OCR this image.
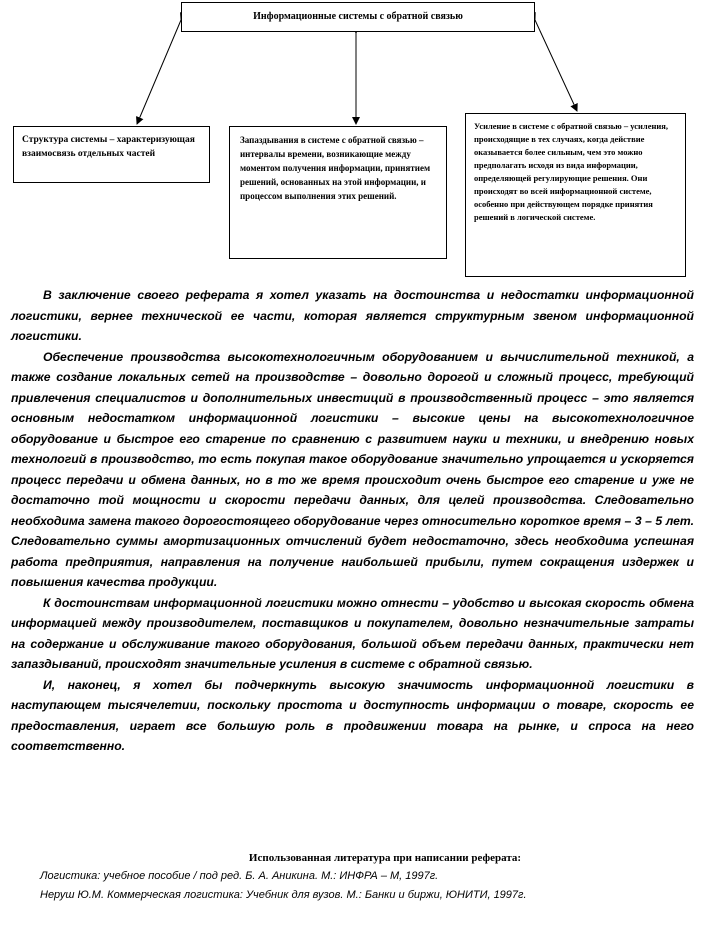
Информационные системы с обратной связью
Структура системы – характеризующая взаимосвязь отдельных частей
Запаздывания в системе с обратной связью – интервалы времени, возникающие между моментом получения информации, принятием решений, основанных на этой информации, и процессом выполнения этих решений.
Усиление в системе с обратной связью – усиления, происходящие в тех случаях, когда действие оказывается более сильным, чем это можно предполагать исходя из вида информации, определяющей регулирующие решения. Они происходят во всей информационной системе, особенно при действующем порядке принятия решений в логической системе.

В заключение своего реферата я хотел указать на достоинства и недостатки информационной логистики, вернее технической ее части, которая является структурным звеном информационной логистики.

Обеспечение производства высокотехнологичным оборудованием и вычислительной техникой, а также создание локальных сетей на производстве – довольно дорогой и сложный процесс, требующий привлечения специалистов и дополнительных инвестиций в производственный процесс – это является основным недостатком информационной логистики – высокие цены на высокотехнологичное оборудование и быстрое его старение по сравнению с развитием науки и техники, и внедрению новых технологий в производство, то есть покупая такое оборудование значительно упрощается и ускоряется процесс передачи и обмена данных, но в то же время происходит очень быстрое его старение и уже не достаточно той мощности и скорости передачи данных, для целей производства. Следовательно необходима замена такого дорогостоящего оборудование через относительно короткое время – 3 – 5 лет. Следовательно суммы амортизационных отчислений будет недостаточно, здесь необходима успешная работа предприятия, направления на получение наибольшей прибыли, путем сокращения издержек и повышения качества продукции.

К достоинствам информационной логистики можно отнести – удобство и высокая скорость обмена информацией между производителем, поставщиков и покупателем, довольно незначительные затраты на содержание и обслуживание такого оборудования, большой объем передачи данных, практически нет запаздываний, происходят значительные усиления в системе с обратной связью.

И, наконец, я хотел бы подчеркнуть высокую значимость информационной логистики в наступающем тысячелетии, поскольку простота и доступность информации о товаре, скорость ее предоставления, играет все большую роль в продвижении товара на рынке, и спроса на него соответственно.

Использованная литература при написании реферата:

Логистика: учебное пособие / под ред. Б. А. Аникина. М.: ИНФРА – М, 1997г.

Неруш Ю.М. Коммерческая логистика: Учебник для вузов. М.: Банки и биржи, ЮНИТИ, 1997г.
